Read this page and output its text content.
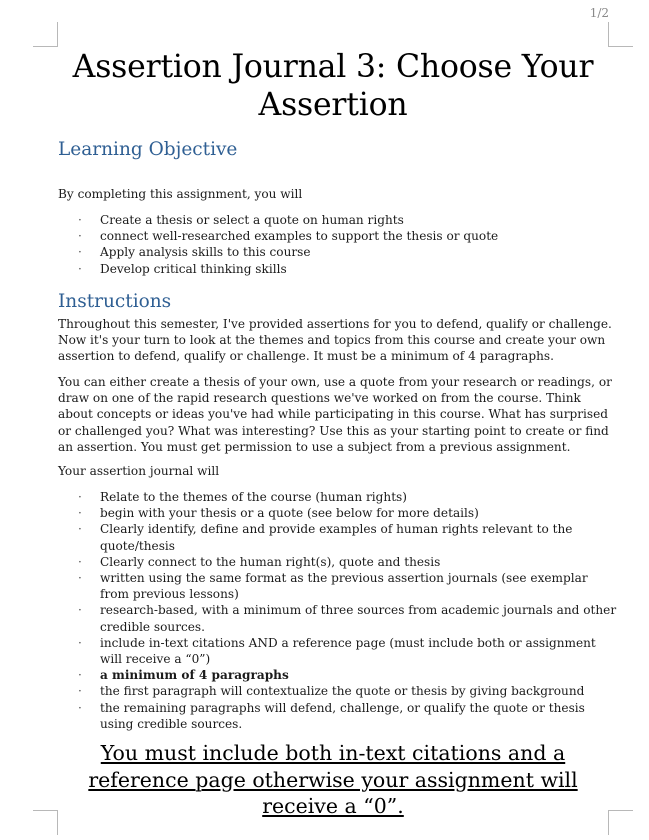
1/2
Assertion Journal 3: Choose Your Assertion
Learning Objective
By completing this assignment, you will
· Create a thesis or select a quote on human rights
· connect well-researched examples to support the thesis or quote
· Apply analysis skills to this course
· Develop critical thinking skills
Instructions
Throughout this semester, I've provided assertions for you to defend, qualify or challenge. Now it's your turn to look at the themes and topics from this course and create your own assertion to defend, qualify or challenge. It must be a minimum of 4 paragraphs.
You can either create a thesis of your own, use a quote from your research or readings, or draw on one of the rapid research questions we've worked on from the course. Think about concepts or ideas you've had while participating in this course. What has surprised or challenged you? What was interesting? Use this as your starting point to create or find an assertion. You must get permission to use a subject from a previous assignment.
Your assertion journal will
· Relate to the themes of the course (human rights)
· begin with your thesis or a quote (see below for more details)
· Clearly identify, define and provide examples of human rights relevant to the quote/thesis
· Clearly connect to the human right(s), quote and thesis
· written using the same format as the previous assertion journals (see exemplar from previous lessons)
· research-based, with a minimum of three sources from academic journals and other credible sources.
· include in-text citations AND a reference page (must include both or assignment will receive a “0”)
· a minimum of 4 paragraphs
· the first paragraph will contextualize the quote or thesis by giving background
· the remaining paragraphs will defend, challenge, or qualify the quote or thesis using credible sources.
You must include both in-text citations and a reference page otherwise your assignment will receive a “0”.
